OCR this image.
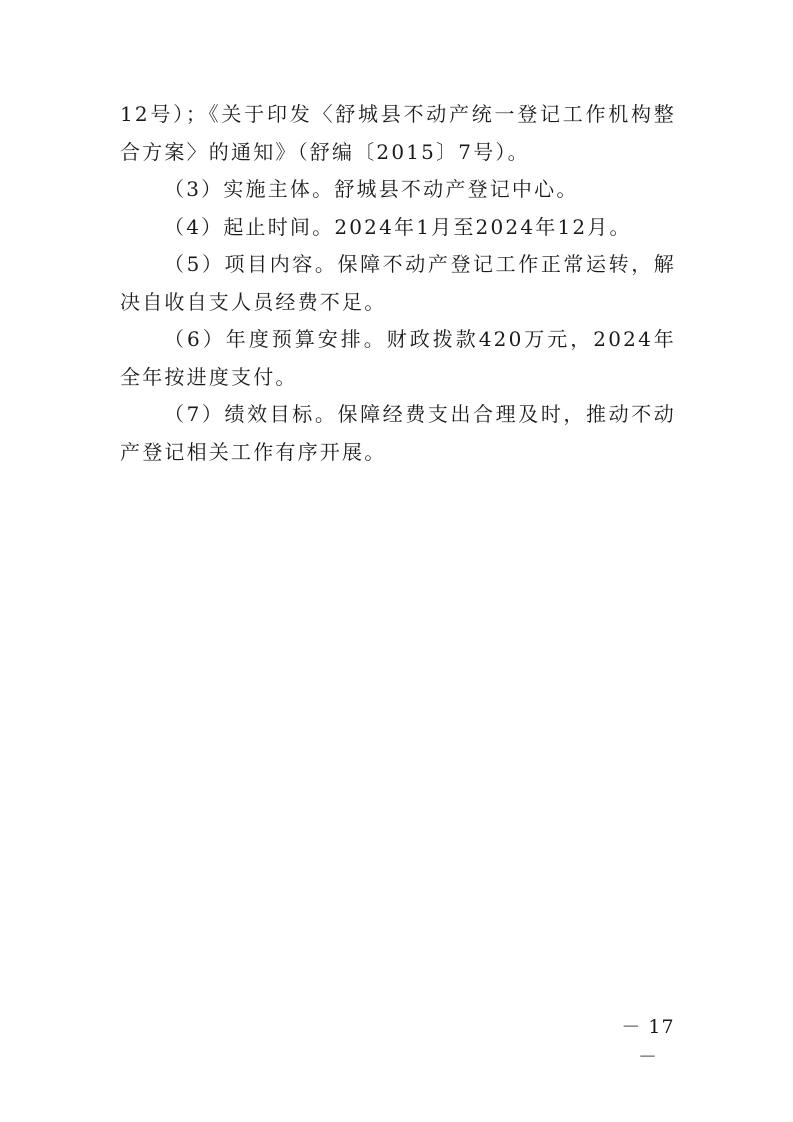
12号）；《关于印发〈舒城县不动产统一登记工作机构整合方案〉的通知》（舒编〔2015〕7号）。

（3）实施主体。舒城县不动产登记中心。

（4）起止时间。2024年1月至2024年12月。

（5）项目内容。保障不动产登记工作正常运转，解决自收自支人员经费不足。

（6）年度预算安排。财政拨款420万元，2024年全年按进度支付。

（7）绩效目标。保障经费支出合理及时，推动不动产登记相关工作有序开展。

－ 17 －
